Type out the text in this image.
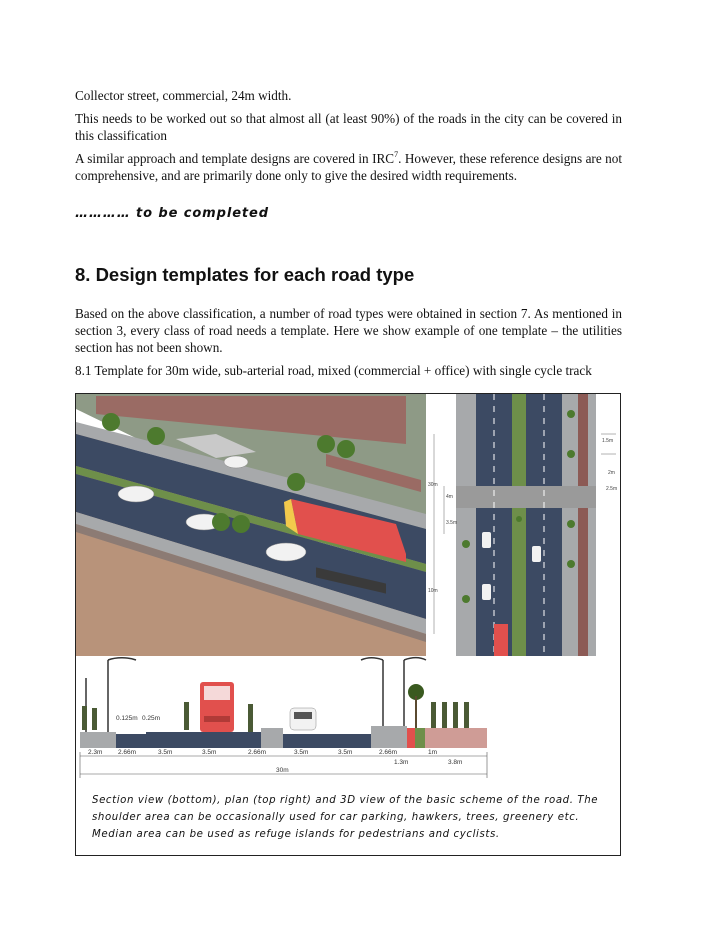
Collector street, commercial, 24m width.

This needs to be worked out so that almost all (at least 90%) of the roads in the city can be covered in this classification

A similar approach and template designs are covered in IRC$^7$. However, these reference designs are not comprehensive, and are primarily done only to give the desired width requirements.

………… to be completed
8. Design templates for each road type

Based on the above classification, a number of road types were obtained in section 7. As mentioned in section 3, every class of road needs a template. Here we show example of one template – the utilities section has not been shown.

8.1 Template for 30m wide, sub-arterial road, mixed (commercial + office) with single cycle track

1.5m
2m
2.5m
30m
4m
3.5m
10m
0.125m 0.25m
2.3m 2.66m	3.5m	3.5m	2.66m	3.5m	3.5m	2.66m	1m
1.3m	3.8m
30m
Section view (bottom), plan (top right) and 3D view of the basic scheme of the road. The shoulder area can be occasionally used for car parking, hawkers, trees, greenery etc. Median area can be used as refuge islands for pedestrians and cyclists.
